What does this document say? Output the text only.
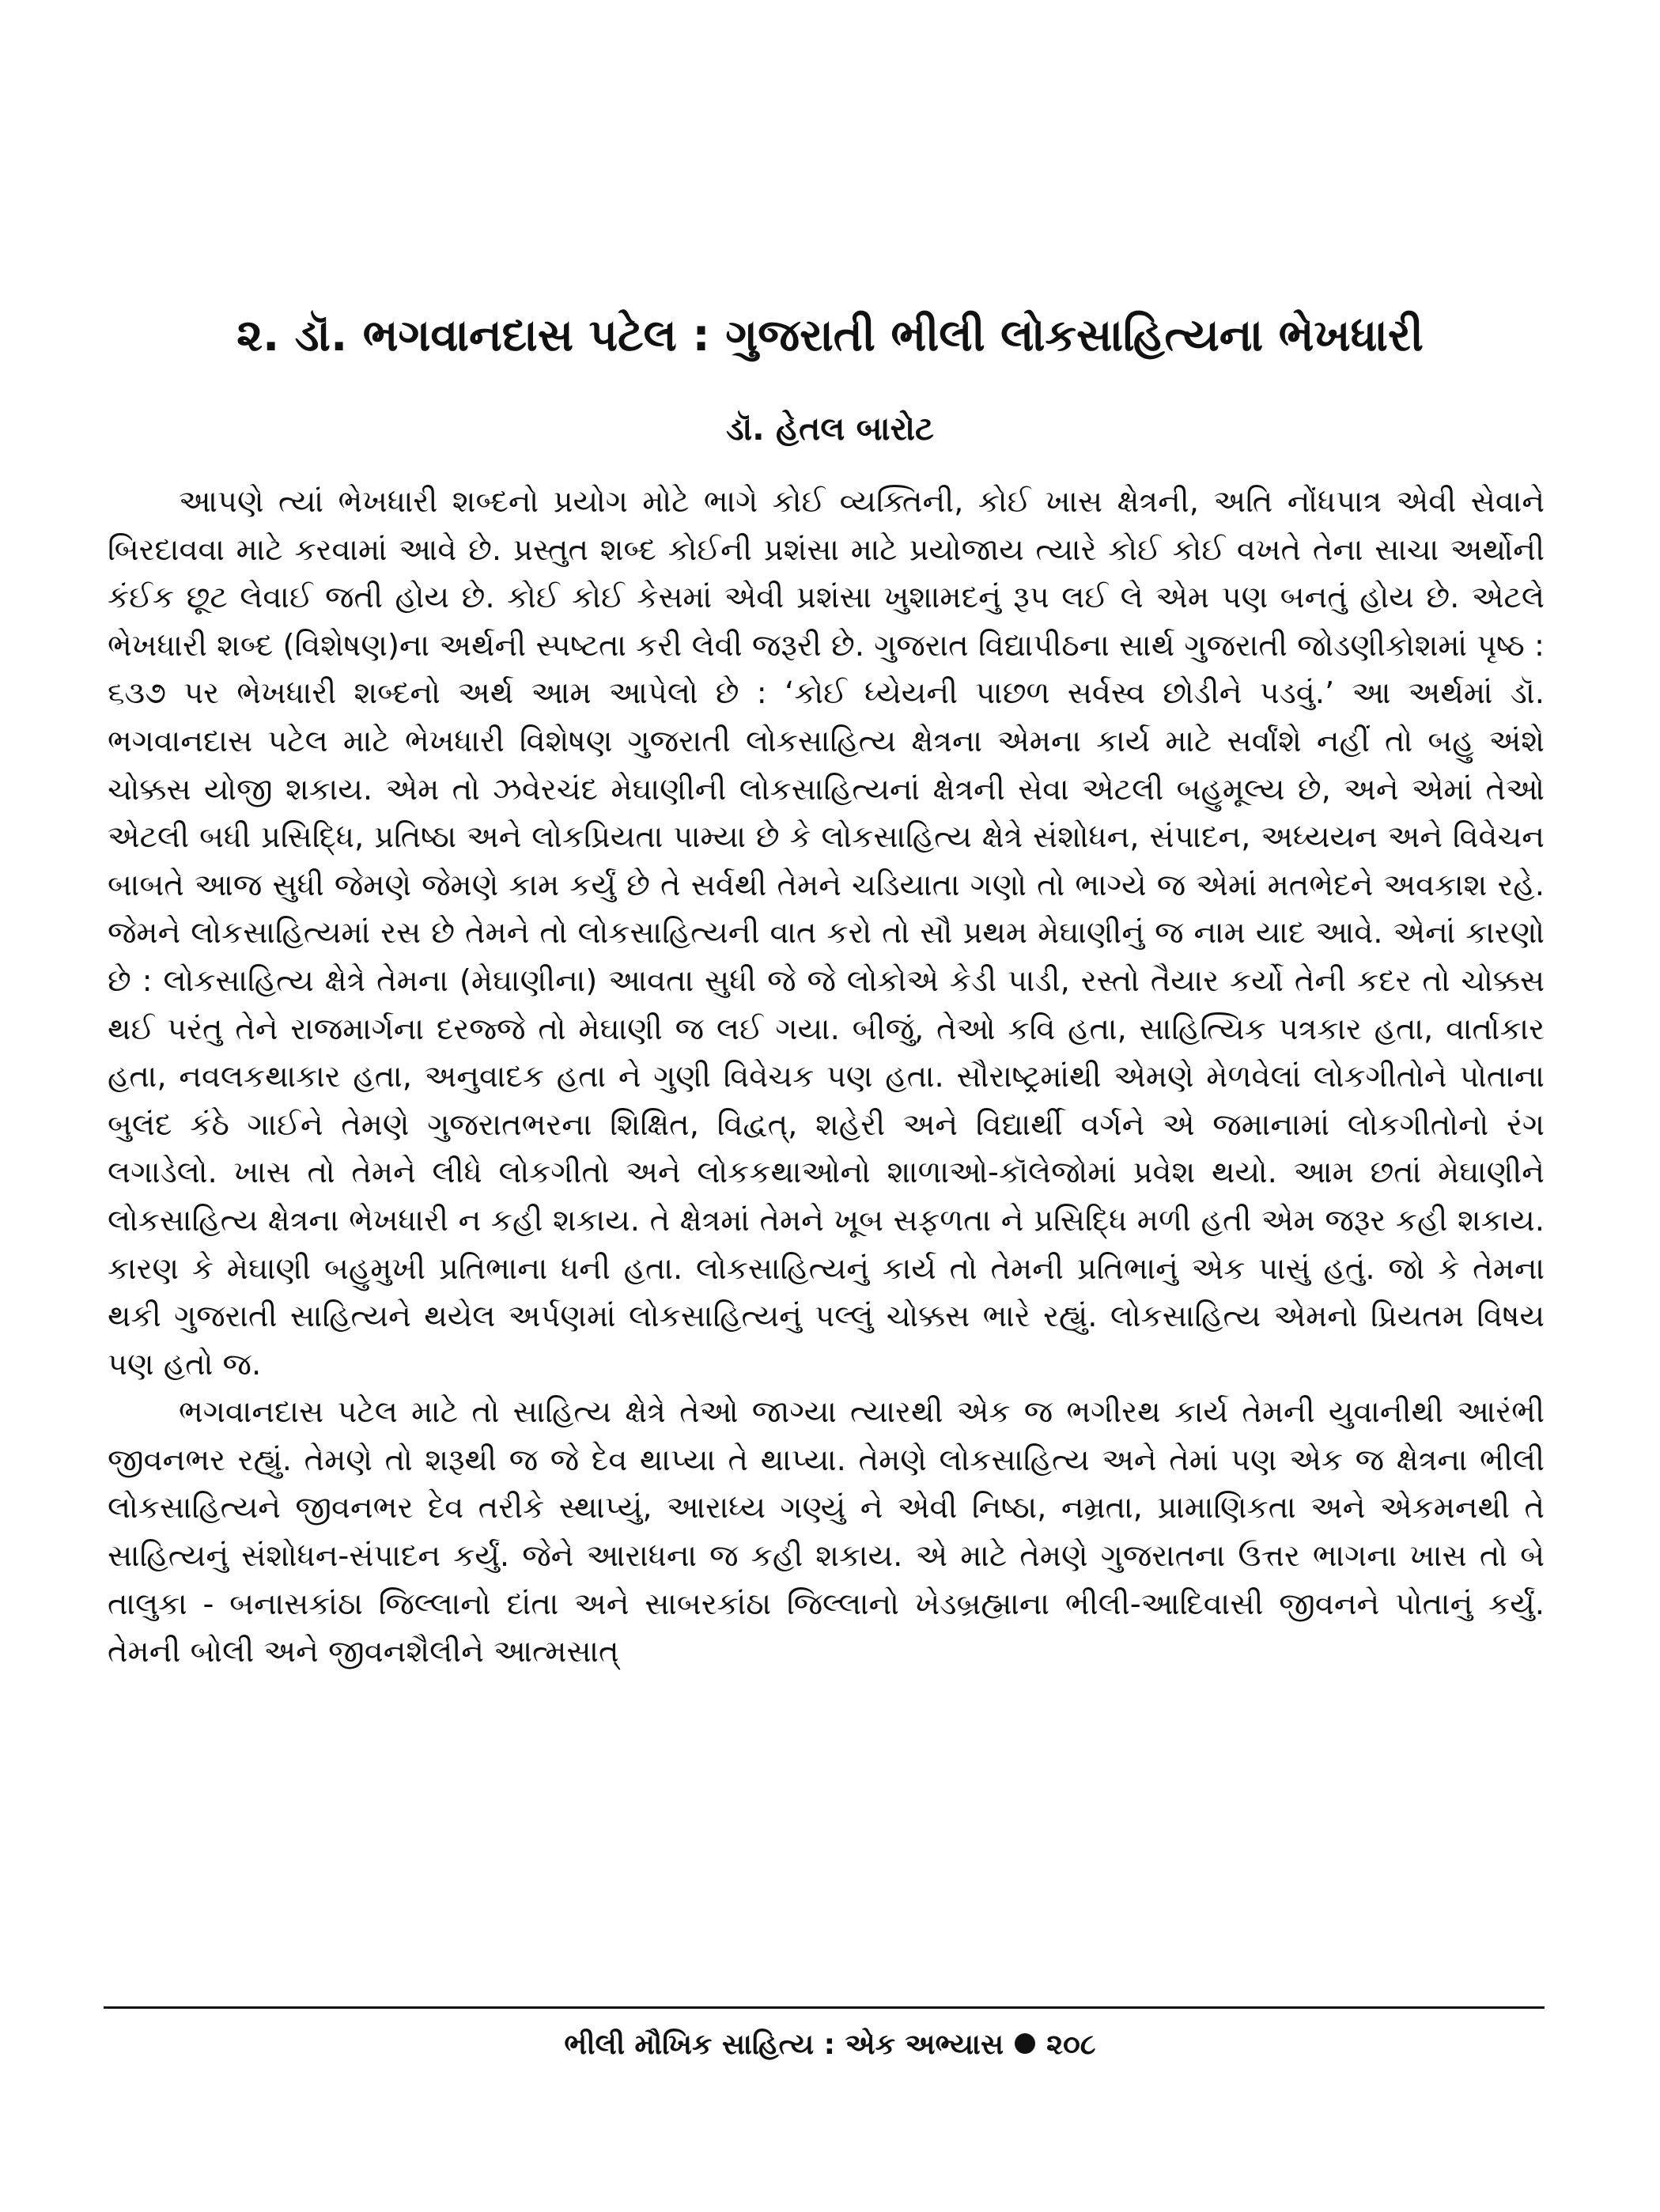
૨. ડૉ. ભગવાનદાસ પટેલ : ગુજરાતી ભીલી લોકસાહિત્યના ભેખધારી
ડૉ. હેતલ બારોટ

આપણે ત્યાં ભેખધારી શબ્દનો પ્રયોગ મોટે ભાગે કોઈ વ્યક્તિની, કોઈ ખાસ ક્ષેત્રની, અતિ નોંધપાત્ર એવી સેવાને બિરદાવવા માટે કરવામાં આવે છે. પ્રસ્તુત શબ્દ કોઈની પ્રશંસા માટે પ્રયોજાય ત્યારે કોઈ કોઈ વખતે તેના સાચા અર્થોની કંઈક છૂટ લેવાઈ જતી હોય છે. કોઈ કોઈ કેસમાં એવી પ્રશંસા ખુશામદનું રૂપ લઈ લે એમ પણ બનતું હોય છે. એટલે ભેખધારી શબ્દ (વિશેષણ)ના અર્થની સ્પષ્ટતા કરી લેવી જરૂરી છે. ગુજરાત વિદ્યાપીઠના સાર્થ ગુજરાતી જોડણીકોશમાં પૃષ્ઠ : ૬૩૭ પર ભેખધારી શબ્દનો અર્થ આમ આપેલો છે : ‘કોઈ ધ્યેયની પાછળ સર્વસ્વ છોડીને પડવું.’ આ અર્થમાં ડૉ. ભગવાનદાસ પટેલ માટે ભેખધારી વિશેષણ ગુજરાતી લોકસાહિત્ય ક્ષેત્રના એમના કાર્ય માટે સર્વાંશે નહીં તો બહુ અંશે ચોક્કસ યોજી શકાય. એમ તો ઝવેરચંદ મેઘાણીની લોકસાહિત્યનાં ક્ષેત્રની સેવા એટલી બહુમૂલ્ય છે, અને એમાં તેઓ એટલી બધી પ્રસિદ્ધિ, પ્રતિષ્ઠા અને લોકપ્રિયતા પામ્યા છે કે લોકસાહિત્ય ક્ષેત્રે સંશોધન, સંપાદન, અધ્યયન અને વિવેચન બાબતે આજ સુધી જેમણે જેમણે કામ કર્યું છે તે સર્વથી તેમને ચડિયાતા ગણો તો ભાગ્યે જ એમાં મતભેદને અવકાશ રહે. જેમને લોકસાહિત્યમાં રસ છે તેમને તો લોકસાહિત્યની વાત કરો તો સૌ પ્રથમ મેઘાણીનું જ નામ યાદ આવે. એનાં કારણો છે : લોકસાહિત્ય ક્ષેત્રે તેમના (મેઘાણીના) આવતા સુધી જે જે લોકોએ કેડી પાડી, રસ્તો તૈયાર કર્યો તેની કદર તો ચોક્કસ થઈ પરંતુ તેને રાજમાર્ગના દરજ્જે તો મેઘાણી જ લઈ ગયા. બીજું, તેઓ કવિ હતા, સાહિત્યિક પત્રકાર હતા, વાર્તાકાર હતા, નવલકથાકાર હતા, અનુવાદક હતા ને ગુણી વિવેચક પણ હતા. સૌરાષ્ટ્રમાંથી એમણે મેળવેલાં લોકગીતોને પોતાના બુલંદ કંઠે ગાઈને તેમણે ગુજરાતભરના શિક્ષિત, વિદ્વત્, શહેરી અને વિદ્યાર્થી વર્ગને એ જમાનામાં લોકગીતોનો રંગ લગાડેલો. ખાસ તો તેમને લીધે લોકગીતો અને લોકકથાઓનો શાળાઓ-કૉલેજોમાં પ્રવેશ થયો. આમ છતાં મેઘાણીને લોકસાહિત્ય ક્ષેત્રના ભેખધારી ન કહી શકાય. તે ક્ષેત્રમાં તેમને ખૂબ સફળતા ને પ્રસિદ્ધિ મળી હતી એમ જરૂર કહી શકાય. કારણ કે મેઘાણી બહુમુખી પ્રતિભાના ધની હતા. લોકસાહિત્યનું કાર્ય તો તેમની પ્રતિભાનું એક પાસું હતું. જો કે તેમના થકી ગુજરાતી સાહિત્યને થયેલ અર્પણમાં લોકસાહિત્યનું પલ્લું ચોક્કસ ભારે રહ્યું. લોકસાહિત્ય એમનો પ્રિયતમ વિષય પણ હતો જ.

ભગવાનદાસ પટેલ માટે તો સાહિત્ય ક્ષેત્રે તેઓ જાગ્યા ત્યારથી એક જ ભગીરથ કાર્ય તેમની યુવાનીથી આરંભી જીવનભર રહ્યું. તેમણે તો શરૂથી જ જે દેવ થાપ્યા તે થાપ્યા. તેમણે લોકસાહિત્ય અને તેમાં પણ એક જ ક્ષેત્રના ભીલી લોકસાહિત્યને જીવનભર દેવ તરીકે સ્થાપ્યું, આરાધ્ય ગણ્યું ને એવી નિષ્ઠા, નમ્રતા, પ્રામાણિકતા અને એકમનથી તે સાહિત્યનું સંશોધન-સંપાદન કર્યું. જેને આરાધના જ કહી શકાય. એ માટે તેમણે ગુજરાતના ઉત્તર ભાગના ખાસ તો બે તાલુકા - બનાસકાંઠા જિલ્લાનો દાંતા અને સાબરકાંઠા જિલ્લાનો ખેડબ્રહ્માના ભીલી-આદિવાસી જીવનને પોતાનું કર્યું. તેમની બોલી અને જીવનશૈલીને આત્મસાત્

ભીલી મૌખિક સાહિત્ય : એક અભ્યાસ ૨૦૮
